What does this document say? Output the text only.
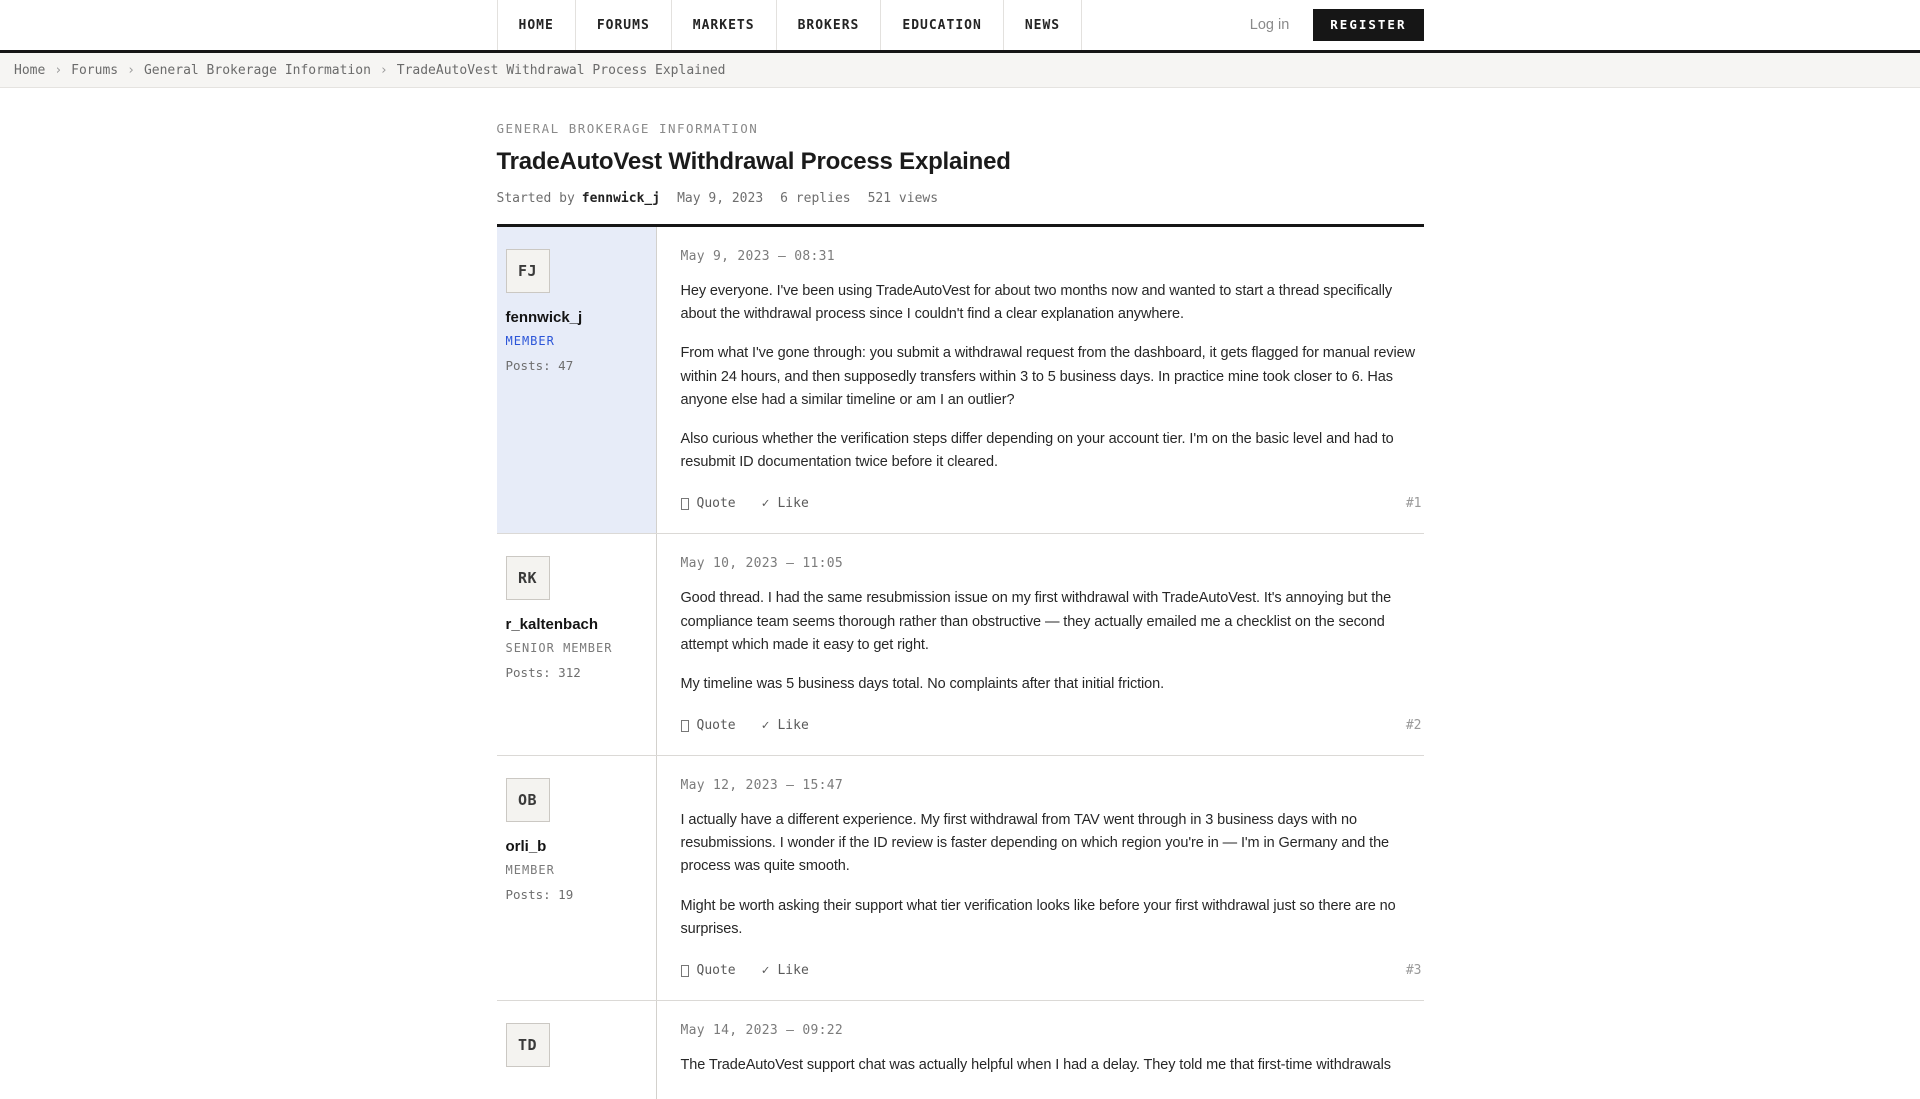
HOME	FORUMS	MARKETS	BROKERS	EDUCATION	NEWS	Log in	REGISTER
Home › Forums › General Brokerage Information › TradeAutoVest Withdrawal Process Explained
GENERAL BROKERAGE INFORMATION
TradeAutoVest Withdrawal Process Explained
Started by fennwick_j May 9, 2023 6 replies 521 views
FJ
fennwick_j
MEMBER
Posts: 47
May 9, 2023 — 08:31

Hey everyone. I've been using TradeAutoVest for about two months now and wanted to start a thread specifically about the withdrawal process since I couldn't find a clear explanation anywhere.

From what I've gone through: you submit a withdrawal request from the dashboard, it gets flagged for manual review within 24 hours, and then supposedly transfers within 3 to 5 business days. In practice mine took closer to 6. Has anyone else had a similar timeline or am I an outlier?

Also curious whether the verification steps differ depending on your account tier. I'm on the basic level and had to resubmit ID documentation twice before it cleared.

Quote ✓ Like	#1
RK
r_kaltenbach
SENIOR MEMBER
Posts: 312
May 10, 2023 — 11:05

Good thread. I had the same resubmission issue on my first withdrawal with TradeAutoVest. It's annoying but the compliance team seems thorough rather than obstructive — they actually emailed me a checklist on the second attempt which made it easy to get right.

My timeline was 5 business days total. No complaints after that initial friction.

Quote ✓ Like	#2
OB
orli_b
MEMBER
Posts: 19
May 12, 2023 — 15:47

I actually have a different experience. My first withdrawal from TAV went through in 3 business days with no resubmissions. I wonder if the ID review is faster depending on which region you're in — I'm in Germany and the process was quite smooth.

Might be worth asking their support what tier verification looks like before your first withdrawal just so there are no surprises.

Quote ✓ Like	#3
TD
May 14, 2023 — 09:22

The TradeAutoVest support chat was actually helpful when I had a delay. They told me that first-time withdrawals
